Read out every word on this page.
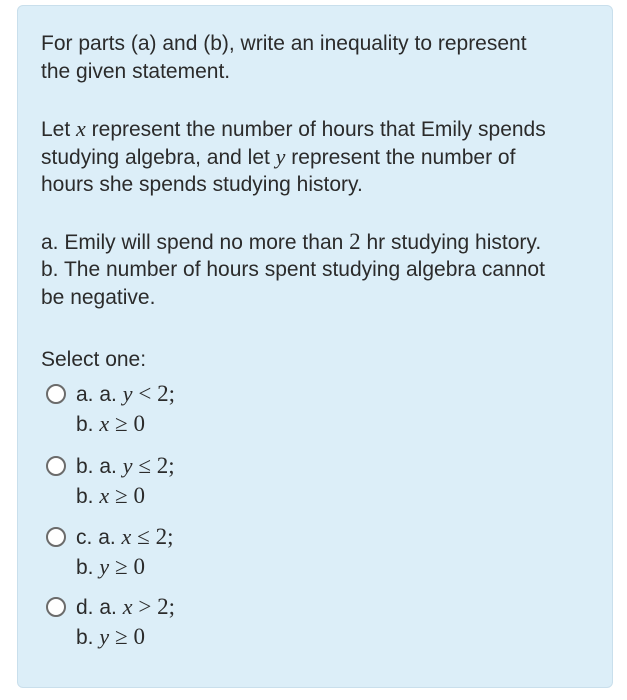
For parts (a) and (b), write an inequality to represent
the given statement.
Let x represent the number of hours that Emily spends
studying algebra, and let y represent the number of
hours she spends studying history.
a. Emily will spend no more than 2 hr studying history.
b. The number of hours spent studying algebra cannot
be negative.
Select one:
a. a. y < 2;
b. x ≥ 0
b. a. y ≤ 2;
b. x ≥ 0
c. a. x ≤ 2;
b. y ≥ 0
d. a. x > 2;
b. y ≥ 0
